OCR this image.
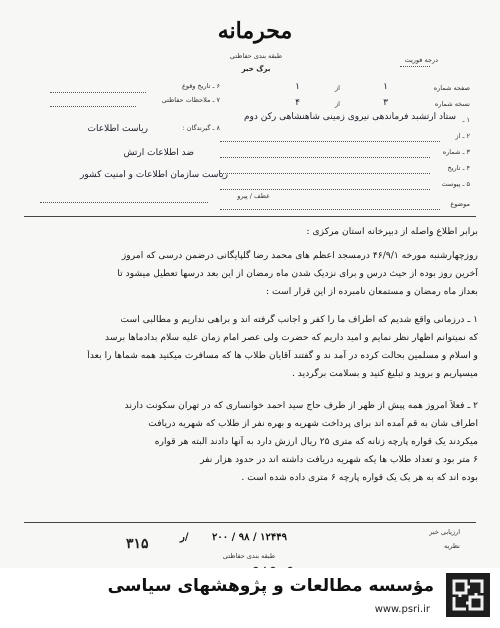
محرمانه
طبقه بندی حفاظتی
برگ خبر
درجه فوریت
۶ ـ تاریخ وقوع
۷ ـ ملاحظات حفاظتی
۸ ـ گیرندگان :
ریاست اطلاعات
ضد اطلاعات ارتش
ریاست سازمان اطلاعات و امنیت کشور
صفحه شماره
۱
از
۱
نسخه شماره
۳
از
۴
۱ ـ
ستاد ارتشبد فرماندهی نیروی زمینی شاهنشاهی رکن دوم
۲ ـ از
۳ ـ شماره
۴ ـ تاریخ
۵ ـ پیوست
عطف / پیرو
موضوع
برابر اطلاع واصله از دبیرخانه استان مرکزی :
روزچهارشنبه مورخه ۴۶/۹/۱ درمسجد اعظم های محمد رضا گلپایگانی درضمن درسی که امروز
آخرین روز بوده از حیث درس و برای نزدیک شدن ماه رمضان از این بعد درسها تعطیل میشود تا
بعداز ماه رمضان و مستمعان نامبرده از این قرار است :
۱ ـ درزمانی واقع شدیم که اطراف ما را کفر و اجانب گرفته اند و براهی نداریم و مطالبی است
که نمیتوانم اظهار نظر نمایم و امید داریم که حضرت ولی عصر امام زمان علیه سلام بدادماها برسد
و اسلام و مسلمین بحالت کرده در آمد ند و گفتند آقایان طلاب ها که مسافرت میکنید همه شماها را بعداً
میسپاریم و بروید و تبلیغ کنید و بسلامت برگردید .
۲ ـ فعلاً امروز همه پیش از ظهر از طرف حاج سید احمد خوانساری که در تهران سکونت دارند
اطراف شان به قم آمده اند برای پرداخت شهریه و بهره نفر از طلاب که شهریه دریافت
میکردند یک قواره پارچه زنانه که متری ۲۵ ریال ارزش دارد به آنها دادند البته هر قواره
۶ متر بود و تعداد طلاب ها یکه شهریه دریافت داشته اند در حدود هزار نفر
بوده اند که به هر یک یک قواره پارچه ۶ متری داده شده است .
ارزیابی خبر
نظریه
۲۰۰ / ۹۸ / ۱۲۴۴۹
ر/
۳۱۵
طبقه بندی حفاظتی
مؤسسه مطالعات و پژوهشهای سیاسی
www.psri.ir
